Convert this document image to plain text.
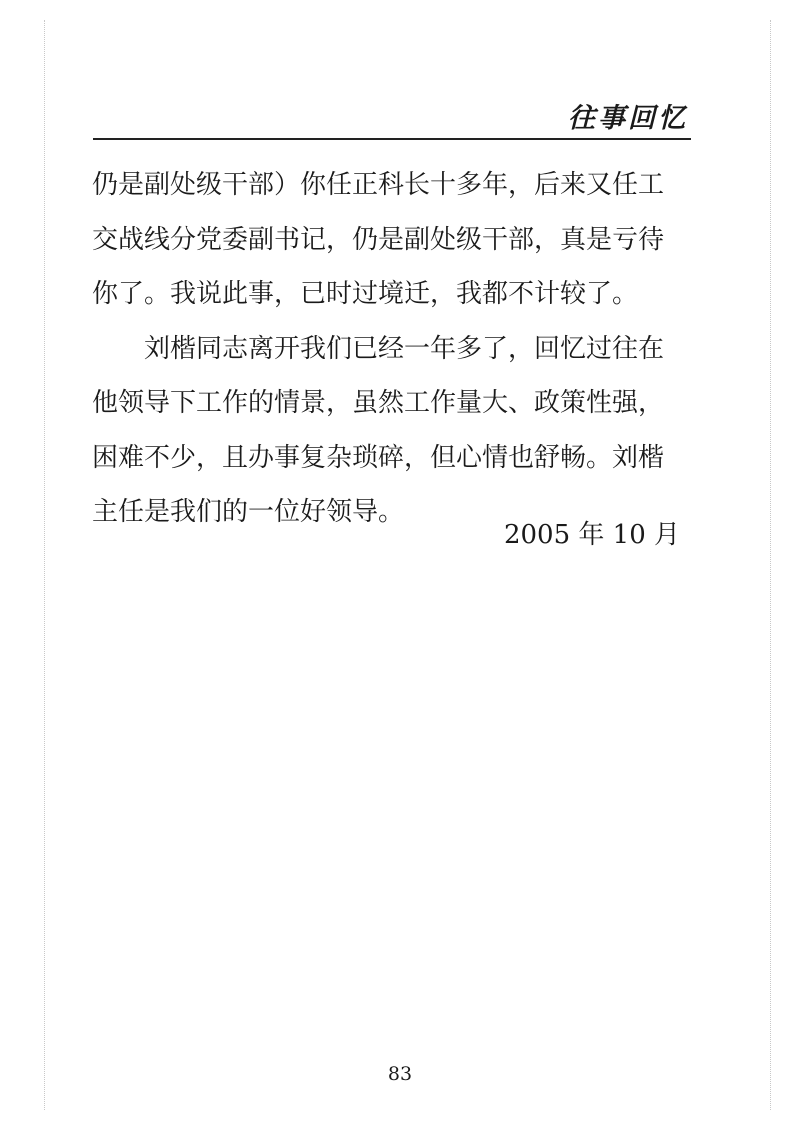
往事回忆
仍是副处级干部）你任正科长十多年，后来又任工
交战线分党委副书记，仍是副处级干部，真是亏待
你了。我说此事，已时过境迁，我都不计较了。
刘楷同志离开我们已经一年多了，回忆过往在
他领导下工作的情景，虽然工作量大、政策性强，
困难不少，且办事复杂琐碎，但心情也舒畅。刘楷
主任是我们的一位好领导。
2005 年 10 月
83
